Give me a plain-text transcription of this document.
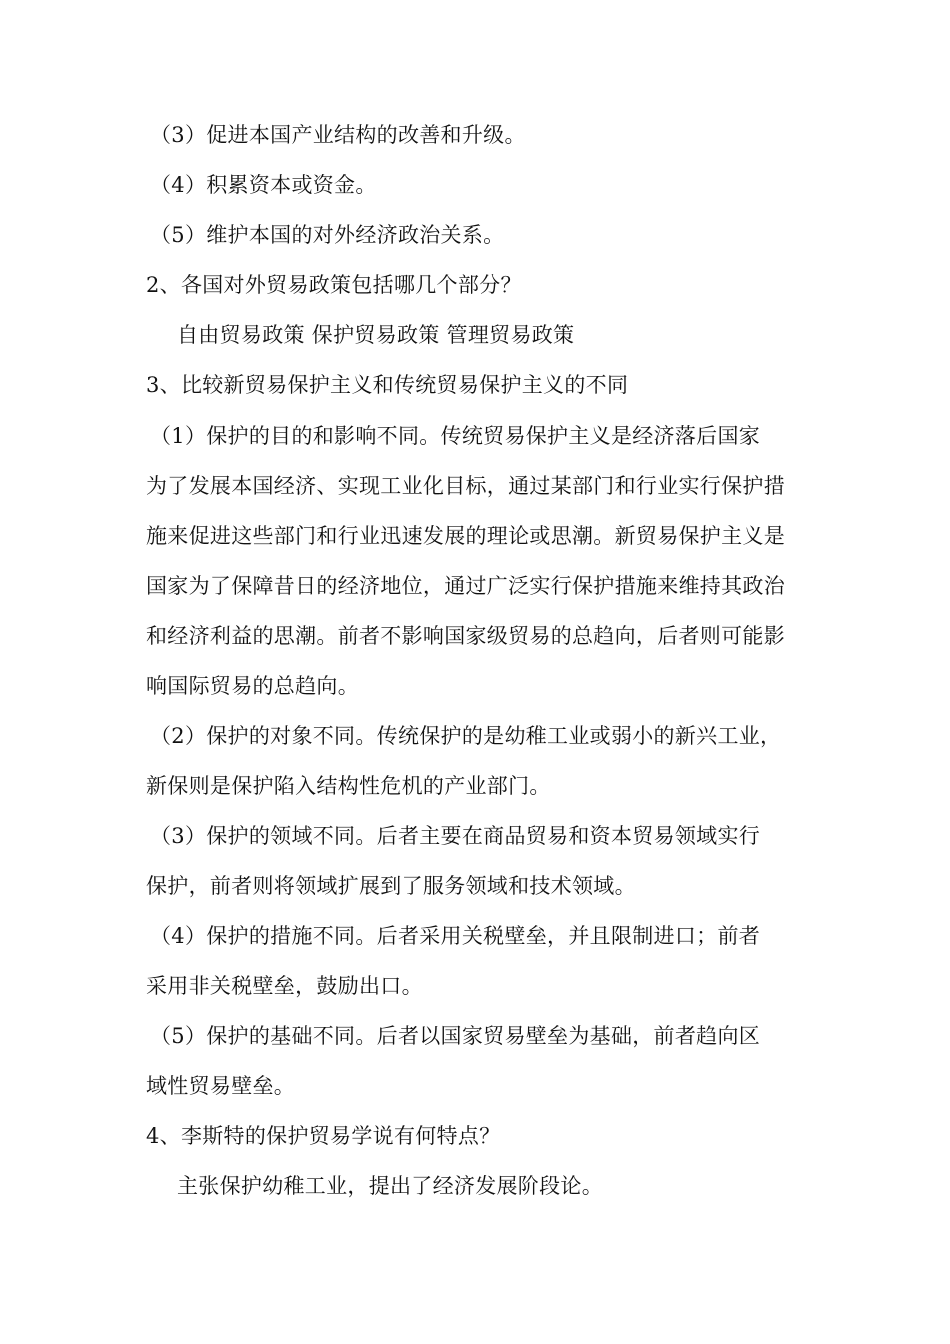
（3）促进本国产业结构的改善和升级。
（4）积累资本或资金。
（5）维护本国的对外经济政治关系。
2、各国对外贸易政策包括哪几个部分？
自由贸易政策 保护贸易政策 管理贸易政策
3、比较新贸易保护主义和传统贸易保护主义的不同
（1）保护的目的和影响不同。传统贸易保护主义是经济落后国家
为了发展本国经济、实现工业化目标，通过某部门和行业实行保护措
施来促进这些部门和行业迅速发展的理论或思潮。新贸易保护主义是
国家为了保障昔日的经济地位，通过广泛实行保护措施来维持其政治
和经济利益的思潮。前者不影响国家级贸易的总趋向，后者则可能影
响国际贸易的总趋向。
（2）保护的对象不同。传统保护的是幼稚工业或弱小的新兴工业，
新保则是保护陷入结构性危机的产业部门。
（3）保护的领域不同。后者主要在商品贸易和资本贸易领域实行
保护，前者则将领域扩展到了服务领域和技术领域。
（4）保护的措施不同。后者采用关税壁垒，并且限制进口；前者
采用非关税壁垒，鼓励出口。
（5）保护的基础不同。后者以国家贸易壁垒为基础，前者趋向区
域性贸易壁垒。
4、李斯特的保护贸易学说有何特点？
主张保护幼稚工业，提出了经济发展阶段论。
